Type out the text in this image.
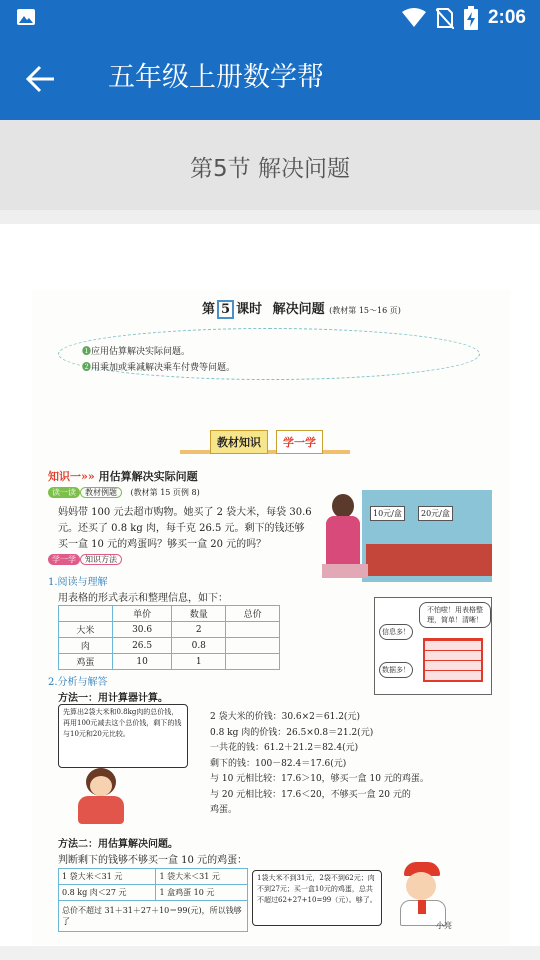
2:06
五年级上册数学帮
第5节 解决问题
第 5 课时 解决问题 (教材第 15～16 页)
❶应用估算解决实际问题。
❷用乘加或乘减解决乘车付费等问题。
教材知识	学一学
知识一»» 用估算解决实际问题
读一读 教材例题 (教材第 15 页例 8)
妈妈带 100 元去超市购物。她买了 2 袋大米，每袋 30.6
元。还买了 0.8 kg 肉，每千克 26.5 元。剩下的钱还够
买一盒 10 元的鸡蛋吗？够买一盒 20 元的吗？
10元/盒	20元/盒
学一学 知识方法
1.阅读与理解
用表格的形式表示和整理信息，如下：
	单价	数量	总价
大米	30.6	2	
肉	26.5	0.8	
鸡蛋	10	1	
不怕啦！用表格整理，简单！清晰！
信息多！
数据多！
2.分析与解答
方法一：用计算器计算。
先算出2袋大米和0.8kg肉的总价钱，再用100元减去这个总价钱，剩下的钱与10元和20元比较。
2 袋大米的价钱：30.6×2＝61.2(元)
0.8 kg 肉的价钱：26.5×0.8＝21.2(元)
一共花的钱：61.2＋21.2＝82.4(元)
剩下的钱：100－82.4＝17.6(元)
与 10 元相比较：17.6＞10，够买一盒 10 元的鸡蛋。
与 20 元相比较：17.6＜20，不够买一盒 20 元的
鸡蛋。
方法二：用估算解决问题。
判断剩下的钱够不够买一盒 10 元的鸡蛋：
1 袋大米＜31 元	1 袋大米＜31 元
0.8 kg 肉＜27 元	1 盒鸡蛋 10 元
总价不超过 31＋31＋27＋10＝99(元)，所以钱够了	
1袋大米不到31元，2袋不到62元；肉不到27元；买一盒10元的鸡蛋，总共不超过62+27+10=99（元）。够了。
小亮
